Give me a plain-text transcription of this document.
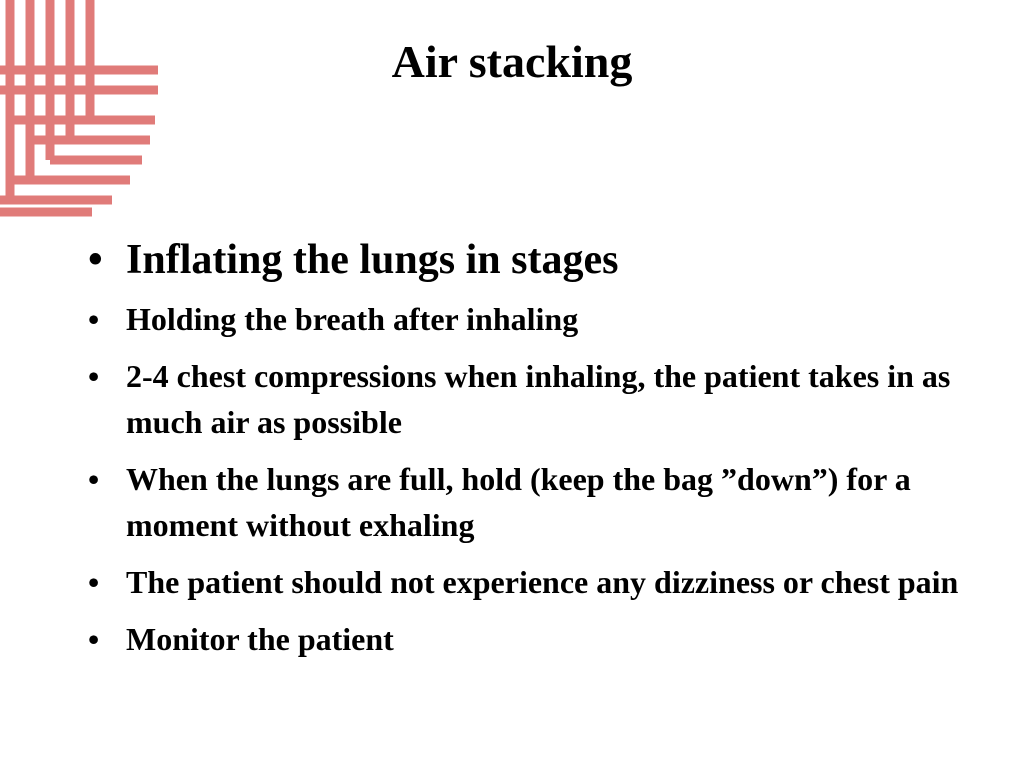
Air stacking
• Inflating the lungs in stages
• Holding the breath after inhaling
• 2-4 chest compressions when inhaling, the patient takes in as much air as possible
• When the lungs are full, hold (keep the bag ”down”) for a moment without exhaling
• The patient should not experience any dizziness or chest pain
• Monitor the patient
